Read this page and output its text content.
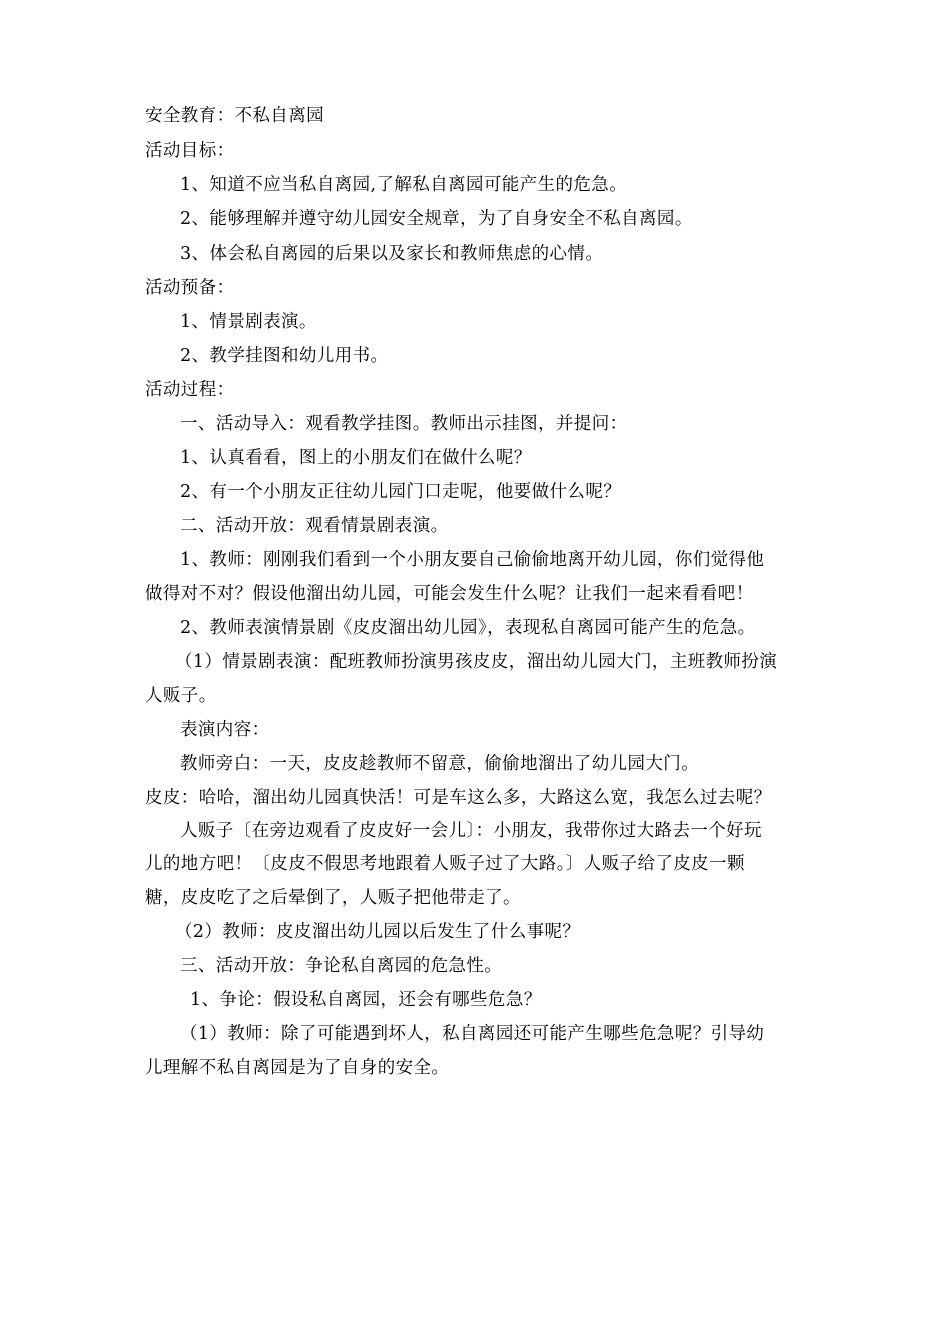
安全教育：不私自离园
活动目标：
1、知道不应当私自离园,了解私自离园可能产生的危急。
2、能够理解并遵守幼儿园安全规章，为了自身安全不私自离园。
3、体会私自离园的后果以及家长和教师焦虑的心情。
活动预备：
1、情景剧表演。
2、教学挂图和幼儿用书。
活动过程：
一、活动导入：观看教学挂图。教师出示挂图，并提问：
1、认真看看，图上的小朋友们在做什么呢？
2、有一个小朋友正往幼儿园门口走呢，他要做什么呢？
二、活动开放：观看情景剧表演。
1、教师：刚刚我们看到一个小朋友要自己偷偷地离开幼儿园，你们觉得他
做得对不对？假设他溜出幼儿园，可能会发生什么呢？让我们一起来看看吧！
2、教师表演情景剧《皮皮溜出幼儿园》，表现私自离园可能产生的危急。
（1）情景剧表演：配班教师扮演男孩皮皮，溜出幼儿园大门，主班教师扮演
人贩子。
表演内容：
教师旁白：一天，皮皮趁教师不留意，偷偷地溜出了幼儿园大门。
皮皮：哈哈，溜出幼儿园真快活！可是车这么多，大路这么宽，我怎么过去呢？
人贩子〔在旁边观看了皮皮好一会儿〕：小朋友，我带你过大路去一个好玩
儿的地方吧！〔皮皮不假思考地跟着人贩子过了大路。〕人贩子给了皮皮一颗
糖，皮皮吃了之后晕倒了，人贩子把他带走了。
（2）教师：皮皮溜出幼儿园以后发生了什么事呢？
三、活动开放：争论私自离园的危急性。
1、争论：假设私自离园，还会有哪些危急？
（1）教师：除了可能遇到坏人，私自离园还可能产生哪些危急呢？引导幼
儿理解不私自离园是为了自身的安全。
